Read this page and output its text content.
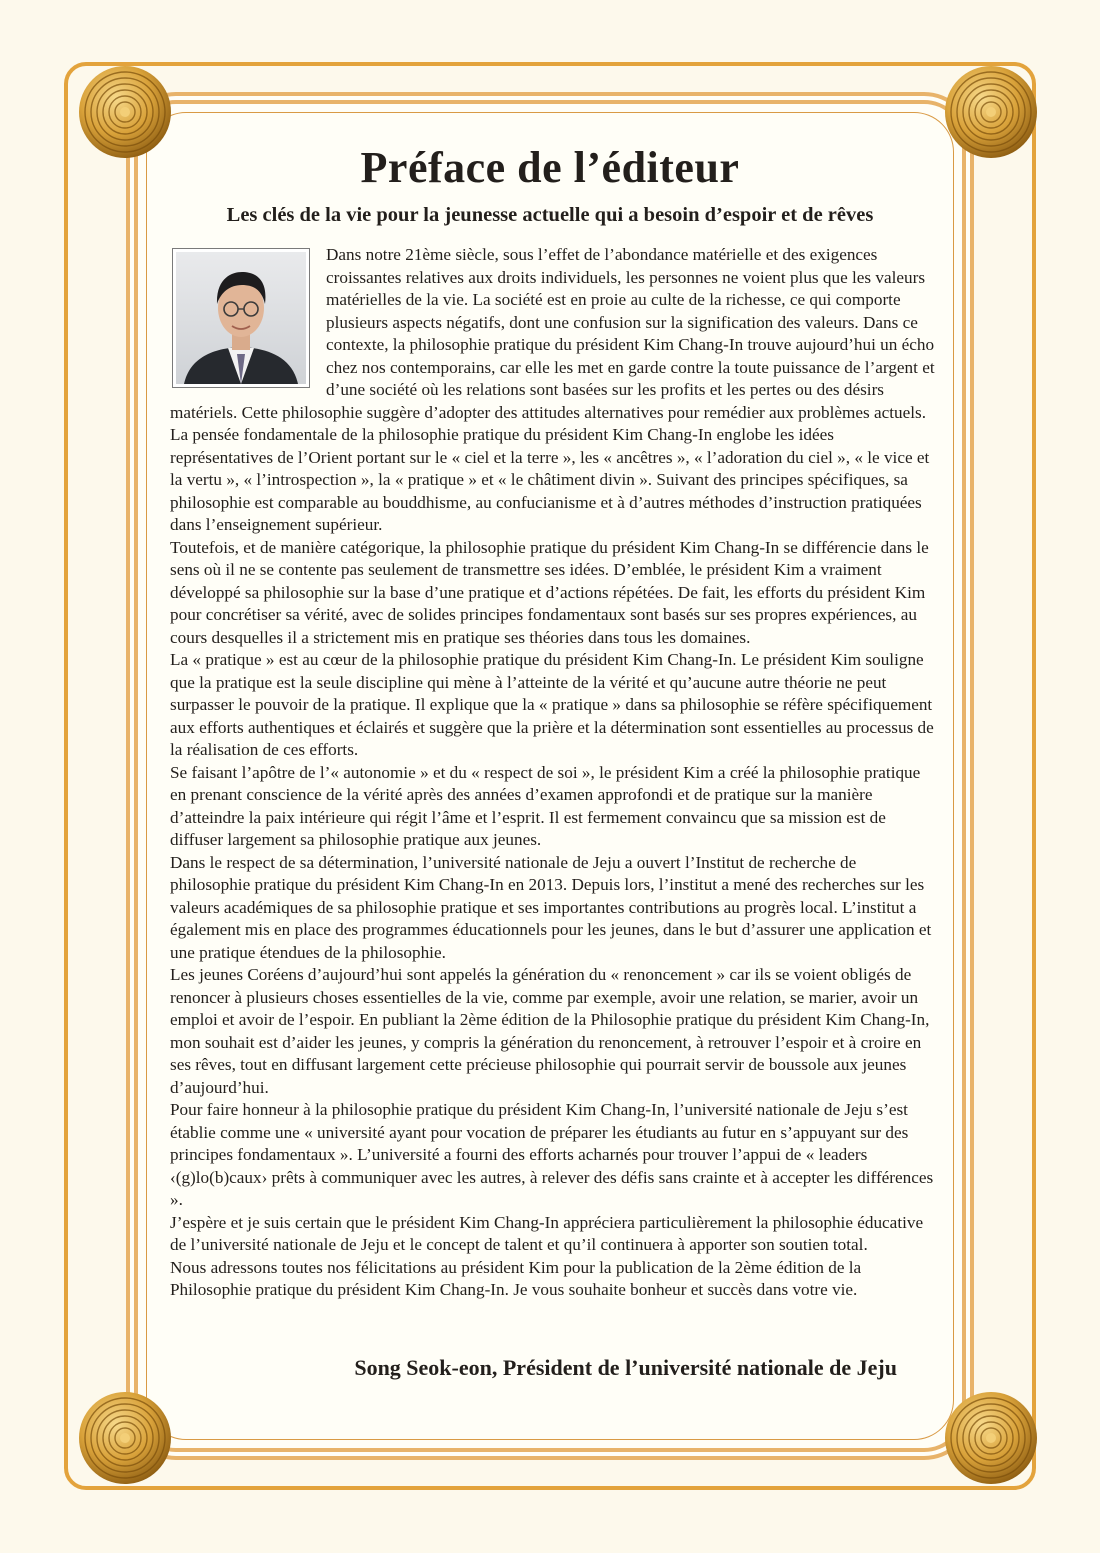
Préface de l’éditeur
Les clés de la vie pour la jeunesse actuelle qui a besoin d’espoir et de rêves

Dans notre 21ème siècle, sous l’effet de l’abondance matérielle et des exigences croissantes relatives aux droits individuels, les personnes ne voient plus que les valeurs matérielles de la vie. La société est en proie au culte de la richesse, ce qui comporte plusieurs aspects négatifs, dont une confusion sur la signification des valeurs. Dans ce contexte, la philosophie pratique du président Kim Chang-In trouve aujourd’hui un écho chez nos contemporains, car elle les met en garde contre la toute puissance de l’argent et d’une société où les relations sont basées sur les profits et les pertes ou des désirs matériels. Cette philosophie suggère d’adopter des attitudes alternatives pour remédier aux problèmes actuels.

La pensée fondamentale de la philosophie pratique du président Kim Chang-In englobe les idées représentatives de l’Orient portant sur le « ciel et la terre », les « ancêtres », « l’adoration du ciel », « le vice et la vertu », « l’introspection », la « pratique » et « le châtiment divin ». Suivant des principes spécifiques, sa philosophie est comparable au bouddhisme, au confucianisme et à d’autres méthodes d’instruction pratiquées dans l’enseignement supérieur.

Toutefois, et de manière catégorique, la philosophie pratique du président Kim Chang-In se différencie dans le sens où il ne se contente pas seulement de transmettre ses idées. D’emblée, le président Kim a vraiment développé sa philosophie sur la base d’une pratique et d’actions répétées. De fait, les efforts du président Kim pour concrétiser sa vérité, avec de solides principes fondamentaux sont basés sur ses propres expériences, au cours desquelles il a strictement mis en pratique ses théories dans tous les domaines.

La « pratique » est au cœur de la philosophie pratique du président Kim Chang-In. Le président Kim souligne que la pratique est la seule discipline qui mène à l’atteinte de la vérité et qu’aucune autre théorie ne peut surpasser le pouvoir de la pratique. Il explique que la « pratique » dans sa philosophie se réfère spécifiquement aux efforts authentiques et éclairés et suggère que la prière et la détermination sont essentielles au processus de la réalisation de ces efforts.

Se faisant l’apôtre de l’« autonomie » et du « respect de soi », le président Kim a créé la philosophie pratique en prenant conscience de la vérité après des années d’examen approfondi et de pratique sur la manière d’atteindre la paix intérieure qui régit l’âme et l’esprit. Il est fermement convaincu que sa mission est de diffuser largement sa philosophie pratique aux jeunes.

Dans le respect de sa détermination, l’université nationale de Jeju a ouvert l’Institut de recherche de philosophie pratique du président Kim Chang-In en 2013. Depuis lors, l’institut a mené des recherches sur les valeurs académiques de sa philosophie pratique et ses importantes contributions au progrès local. L’institut a également mis en place des programmes éducationnels pour les jeunes, dans le but d’assurer une application et une pratique étendues de la philosophie.

Les jeunes Coréens d’aujourd’hui sont appelés la génération du « renoncement » car ils se voient obligés de renoncer à plusieurs choses essentielles de la vie, comme par exemple, avoir une relation, se marier, avoir un emploi et avoir de l’espoir. En publiant la 2ème édition de la Philosophie pratique du président Kim Chang-In, mon souhait est d’aider les jeunes, y compris la génération du renoncement, à retrouver l’espoir et à croire en ses rêves, tout en diffusant largement cette précieuse philosophie qui pourrait servir de boussole aux jeunes d’aujourd’hui.

Pour faire honneur à la philosophie pratique du président Kim Chang-In, l’université nationale de Jeju s’est établie comme une « université ayant pour vocation de préparer les étudiants au futur en s’appuyant sur des principes fondamentaux ». L’université a fourni des efforts acharnés pour trouver l’appui de « leaders ‹(g)lo(b)caux› prêts à communiquer avec les autres, à relever des défis sans crainte et à accepter les différences ».

J’espère et je suis certain que le président Kim Chang-In appréciera particulièrement la philosophie éducative de l’université nationale de Jeju et le concept de talent et qu’il continuera à apporter son soutien total.

Nous adressons toutes nos félicitations au président Kim pour la publication de la 2ème édition de la Philosophie pratique du président Kim Chang-In. Je vous souhaite bonheur et succès dans votre vie.

Song Seok-eon, Président de l’université nationale de Jeju
